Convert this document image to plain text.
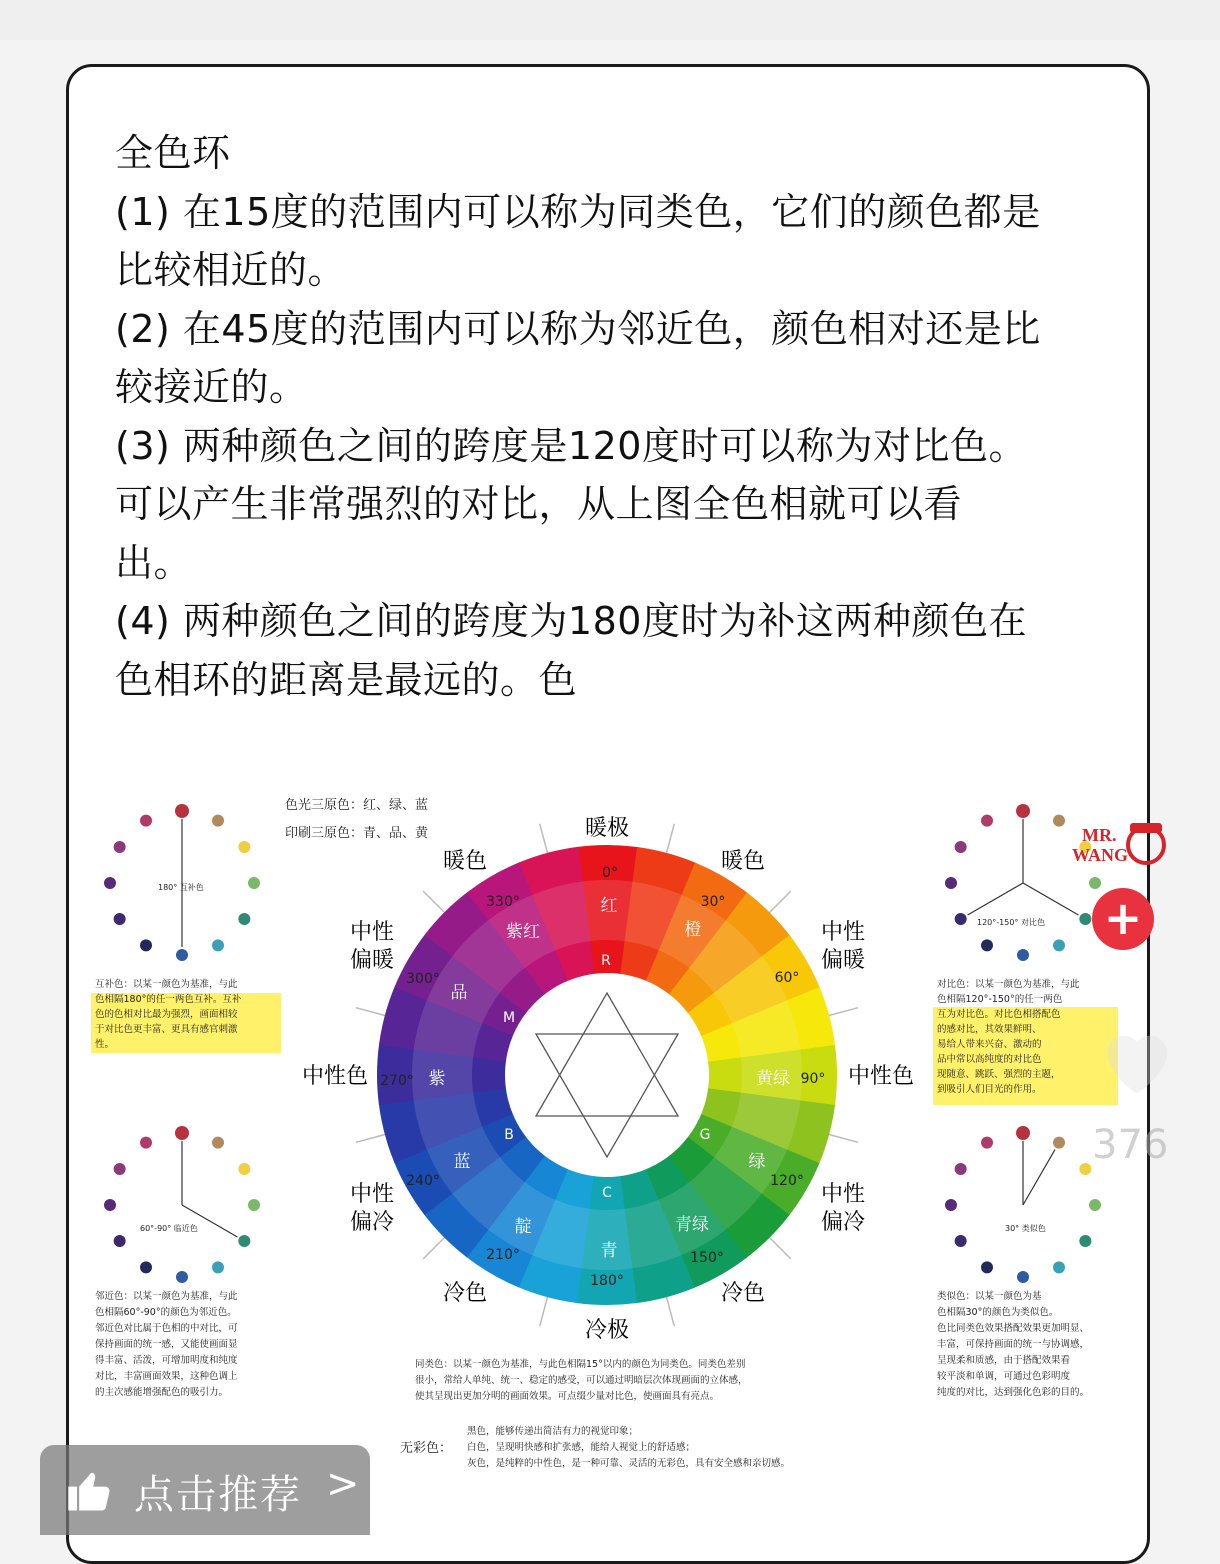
全色环
(1) 在15度的范围内可以称为同类色，它们的颜色都是
比较相近的。
(2) 在45度的范围内可以称为邻近色，颜色相对还是比
较接近的。
(3) 两种颜色之间的跨度是120度时可以称为对比色。
可以产生非常强烈的对比，从上图全色相就可以看
出。
(4) 两种颜色之间的跨度为180度时为补这两种颜色在
色相环的距离是最远的。色
色光三原色：红、绿、蓝
印刷三原色：青、品、黄	暖极
暖色	暖色
中性
偏暖
中性
偏暖
中性色	中性色
中性
偏冷
中性
偏冷
冷色	冷色
冷极
0°
30°
60°
90°
120°
150°
180°
210°
240°
270°
300°
330°	红
橙
黄绿
绿
青绿
青
靛
蓝
紫
品
紫红
R
G
B
C
M
180° 互补色
60°-90° 临近色
120°-150° 对比色
30° 类似色
互补色：以某一颜色为基准，与此
色相隔180°的任一两色互补。互补
色的色相对比最为强烈，画面相较
于对比色更丰富、更具有感官刺激
性。
邻近色：以某一颜色为基准，与此
色相隔60°-90°的颜色为邻近色。
邻近色对比属于色相的中对比，可
保持画面的统一感，又能使画面显
得丰富、活泼，可增加明度和纯度
对比，丰富画面效果，这种色调上
的主次感能增强配色的吸引力。
对比色：以某一颜色为基准，与此
色相隔120°-150°的任一两色
互为对比色。对比色相搭配色
的感对比，其效果鲜明、
易给人带来兴奋、激动的
品中常以高纯度的对比色
现随意、跳跃、强烈的主题，
到吸引人们目光的作用。
类似色：以某一颜色为基
色相隔30°的颜色为类似色。
色比同类色效果搭配效果更加明显、
丰富，可保持画面的统一与协调感，
呈现柔和质感，由于搭配效果看
较平淡和单调，可通过色彩明度
纯度的对比，达到强化色彩的目的。
同类色：以某一颜色为基准，与此色相隔15°以内的颜色为同类色。同类色差别
很小，常给人单纯、统一、稳定的感受，可以通过明暗层次体现画面的立体感，
使其呈现出更加分明的画面效果。可点缀少量对比色，使画面具有亮点。
无彩色：
黑色，能够传递出简洁有力的视觉印象；
白色，呈现明快感和扩张感，能给人视觉上的舒适感；
灰色，是纯粹的中性色，是一种可靠、灵活的无彩色，具有安全感和亲切感。
MR.
WANG
+
376
点击推荐 >
